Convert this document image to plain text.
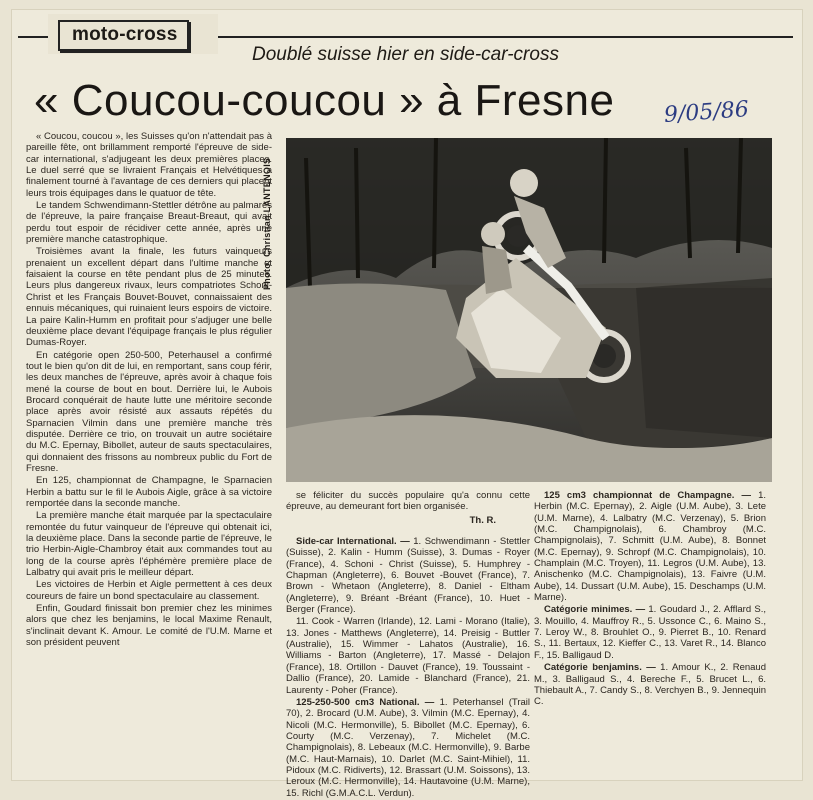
moto-cross
Doublé suisse hier en side-car-cross
« Coucou-coucou » à Fresne 9/05/86

« Coucou, coucou », les Suisses qu'on n'attendait pas à pareille fête, ont brillamment remporté l'épreuve de side-car international, s'adjugeant les deux premières places. Le duel serré que se livraient Français et Helvétiques a finalement tourné à l'avantage de ces derniers qui placent leurs trois équipages dans le quatuor de tête.

Le tandem Schwendimann-Stettler détrône au palmarès de l'épreuve, la paire française Breaut-Breaut, qui avait perdu tout espoir de récidiver cette année, après une première manche catastrophique.

Troisièmes avant la finale, les futurs vainqueurs prenaient un excellent départ dans l'ultime manche et faisaient la course en tête pendant plus de 25 minutes. Leurs plus dangereux rivaux, leurs compatriotes Schoni-Christ et les Français Bouvet-Bouvet, connaissaient des ennuis mécaniques, qui ruinaient leurs espoirs de victoire. La paire Kalin-Humm en profitait pour s'adjuger une belle deuxième place devant l'équipage français le plus régulier Dumas-Royer.

En catégorie open 250-500, Peterhausel a confirmé tout le bien qu'on dit de lui, en remportant, sans coup férir, les deux manches de l'épreuve, après avoir à chaque fois mené la course de bout en bout. Derrière lui, le Aubois Brocard conquérait de haute lutte une méritoire seconde place après avoir résisté aux assauts répétés du Sparnacien Vilmin dans une première manche très disputée. Derrière ce trio, on trouvait un autre sociétaire du M.C. Epernay, Bibollet, auteur de sauts spectaculaires, qui donnaient des frissons au nombreux public du Fort de Fresne.

En 125, championnat de Champagne, le Sparnacien Herbin a battu sur le fil le Aubois Aigle, grâce à sa victoire remportée dans la seconde manche.

La première manche était marquée par la spectaculaire remontée du futur vainqueur de l'épreuve qui obtenait ici, la deuxième place. Dans la seconde partie de l'épreuve, le trio Herbin-Aigle-Chambroy était aux commandes tout au long de la course après l'éphémère première place de Lalbatry qui avait pris le meilleur départ.

Les victoires de Herbin et Aigle permettent à ces deux coureurs de faire un bond spectaculaire au classement.

Enfin, Goudard finissait bon premier chez les minimes alors que chez les benjamins, le local Maxime Renault, s'inclinait devant K. Amour. Le comité de l'U.M. Marne et son président peuvent

Photo: Christian LANTENOIS

se féliciter du succès populaire qu'a connu cette épreuve, au demeurant fort bien organisée.

Th. R.

Side-car International. — 1. Schwendimann - Stettler (Suisse), 2. Kalin - Humm (Suisse), 3. Dumas - Royer (France), 4. Schoni - Christ (Suisse), 5. Humphrey - Chapman (Angleterre), 6. Bouvet -Bouvet (France), 7. Brown - Whetaon (Angleterre), 8. Daniel - Eltham (Angleterre), 9. Bréant -Bréant (France), 10. Huet - Berger (France).

11. Cook - Warren (Irlande), 12. Lami - Morano (Italie), 13. Jones - Matthews (Angleterre), 14. Preisig - Buttler (Australie), 15. Wimmer - Lahatos (Australie), 16. Williams - Barton (Angleterre), 17. Massé - Delajon (France), 18. Ortillon - Dauvet (France), 19. Toussaint - Dallio (France), 20. Lamide - Blanchard (France), 21. Laurenty - Poher (France).

125-250-500 cm3 National. — 1. Peterhansel (Trail 70), 2. Brocard (U.M. Aube), 3. Vilmin (M.C. Epernay), 4. Nicoli (M.C. Hermonville), 5. Bibollet (M.C. Epernay), 6. Courty (M.C. Verzenay), 7. Michelet (M.C. Champignolais), 8. Lebeaux (M.C. Hermonville), 9. Barbe (M.C. Haut-Marnais), 10. Darlet (M.C. Saint-Mihiel), 11. Pidoux (M.C. Ridiverts), 12. Brassart (U.M. Soissons), 13. Leroux (M.C. Hermonville), 14. Hautavoine (U.M. Marne), 15. Richl (G.M.A.C.L. Verdun).

125 cm3 championnat de Champagne. — 1. Herbin (M.C. Epernay), 2. Aigle (U.M. Aube), 3. Lete (U.M. Marne), 4. Lalbatry (M.C. Verzenay), 5. Brion (M.C. Champignolais), 6. Chambroy (M.C. Champignolais), 7. Schmitt (U.M. Aube), 8. Bonnet (M.C. Epernay), 9. Schropf (M.C. Champignolais), 10. Champlain (M.C. Troyen), 11. Legros (U.M. Aube), 13. Anischenko (M.C. Champignolais), 13. Faivre (U.M. Aube), 14. Dussart (U.M. Aube), 15. Deschamps (U.M. Marne).

Catégorie minimes. — 1. Goudard J., 2. Afflard S., 3. Mouillo, 4. Mauffroy R., 5. Ussonce C., 6. Maino S., 7. Leroy W., 8. Brouhlet O., 9. Pierret B., 10. Renard S., 11. Bertaux, 12. Kieffer C., 13. Varet R., 14. Blanco F., 15. Balligaud D.

Catégorie benjamins. — 1. Amour K., 2. Renaud M., 3. Balligaud S., 4. Bereche F., 5. Brucet L., 6. Thiebault A., 7. Candy S., 8. Verchyen B., 9. Jennequin C.
